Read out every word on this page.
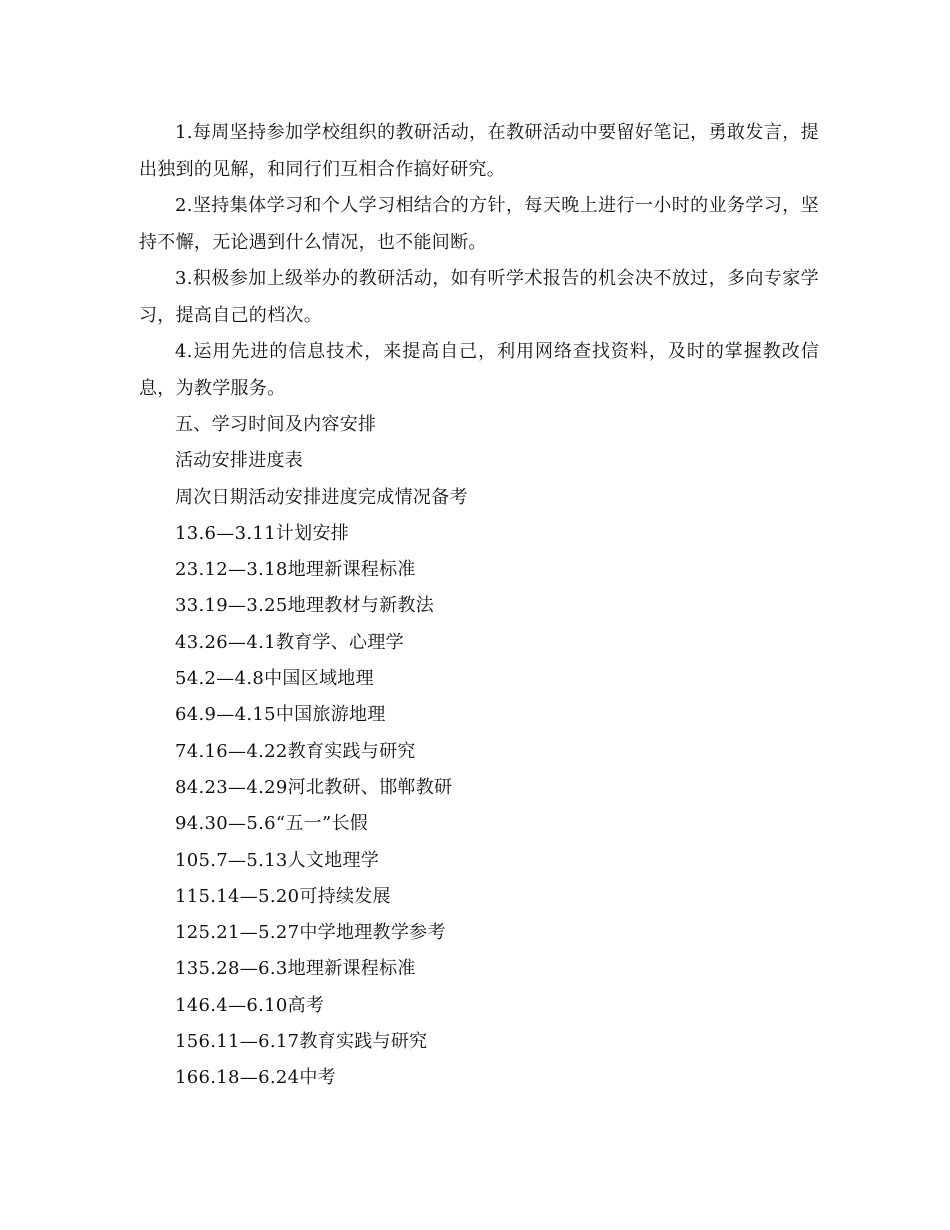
1.每周坚持参加学校组织的教研活动，在教研活动中要留好笔记，勇敢发言，提出独到的见解，和同行们互相合作搞好研究。

2.坚持集体学习和个人学习相结合的方针，每天晚上进行一小时的业务学习，坚持不懈，无论遇到什么情况，也不能间断。

3.积极参加上级举办的教研活动，如有听学术报告的机会决不放过，多向专家学习，提高自己的档次。

4.运用先进的信息技术，来提高自己，利用网络查找资料，及时的掌握教改信息，为教学服务。

五、学习时间及内容安排

活动安排进度表

周次日期活动安排进度完成情况备考

13.6—3.11计划安排

23.12—3.18地理新课程标准

33.19—3.25地理教材与新教法

43.26—4.1教育学、心理学

54.2—4.8中国区域地理

64.9—4.15中国旅游地理

74.16—4.22教育实践与研究

84.23—4.29河北教研、邯郸教研

94.30—5.6“五一”长假

105.7—5.13人文地理学

115.14—5.20可持续发展

125.21—5.27中学地理教学参考

135.28—6.3地理新课程标准

146.4—6.10高考

156.11—6.17教育实践与研究

166.18—6.24中考
